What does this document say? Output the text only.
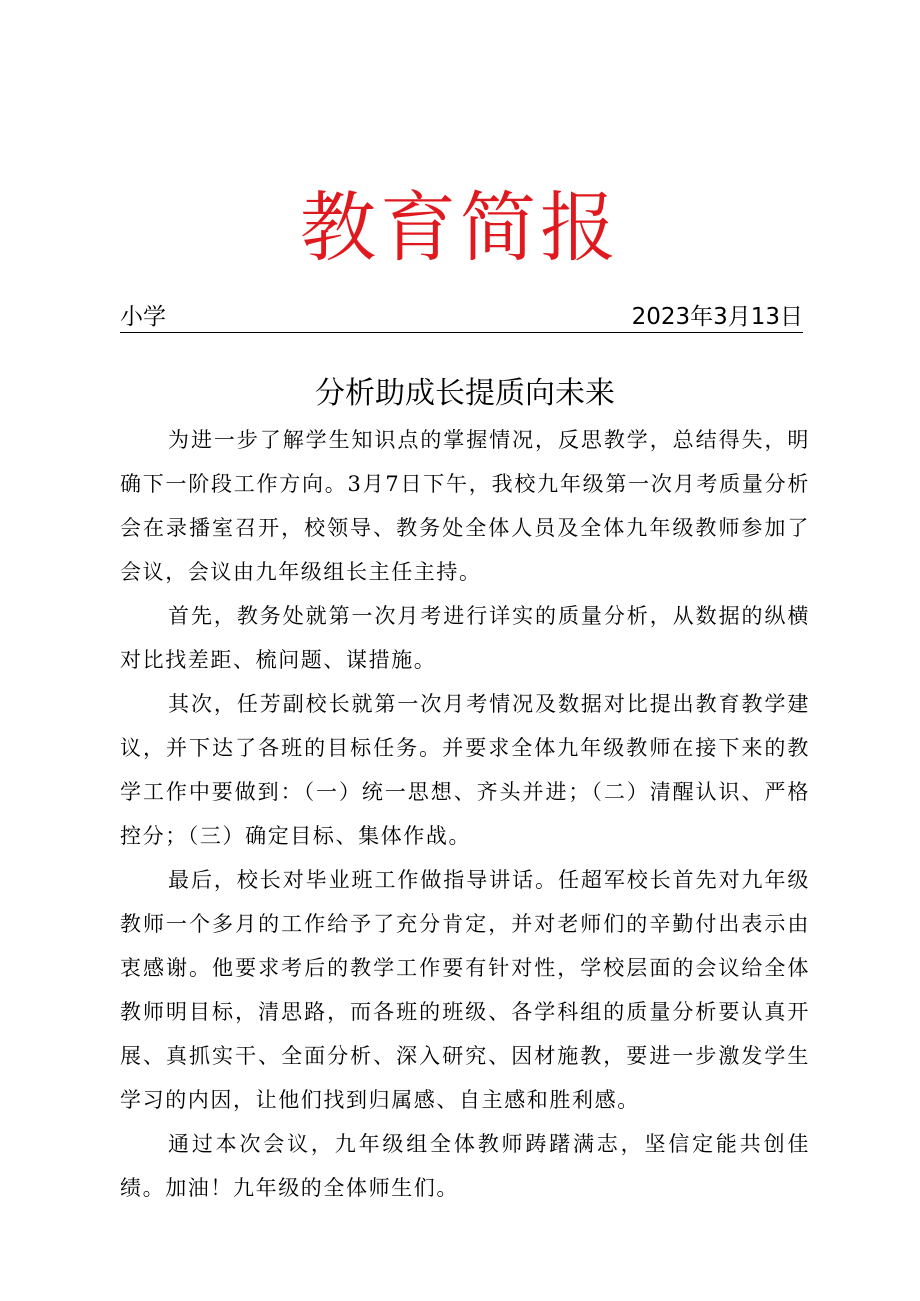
教育简报
小学	2023年3月13日
分析助成长提质向未来

为进一步了解学生知识点的掌握情况，反思教学，总结得失，明确下一阶段工作方向。3月7日下午，我校九年级第一次月考质量分析会在录播室召开，校领导、教务处全体人员及全体九年级教师参加了会议，会议由九年级组长主任主持。

首先，教务处就第一次月考进行详实的质量分析，从数据的纵横对比找差距、梳问题、谋措施。

其次，任芳副校长就第一次月考情况及数据对比提出教育教学建议，并下达了各班的目标任务。并要求全体九年级教师在接下来的教学工作中要做到：（一）统一思想、齐头并进；（二）清醒认识、严格控分；（三）确定目标、集体作战。

最后，校长对毕业班工作做指导讲话。任超军校长首先对九年级教师一个多月的工作给予了充分肯定，并对老师们的辛勤付出表示由衷感谢。他要求考后的教学工作要有针对性，学校层面的会议给全体教师明目标，清思路，而各班的班级、各学科组的质量分析要认真开展、真抓实干、全面分析、深入研究、因材施教，要进一步激发学生学习的内因，让他们找到归属感、自主感和胜利感。

通过本次会议，九年级组全体教师踌躇满志，坚信定能共创佳绩。加油！九年级的全体师生们。
